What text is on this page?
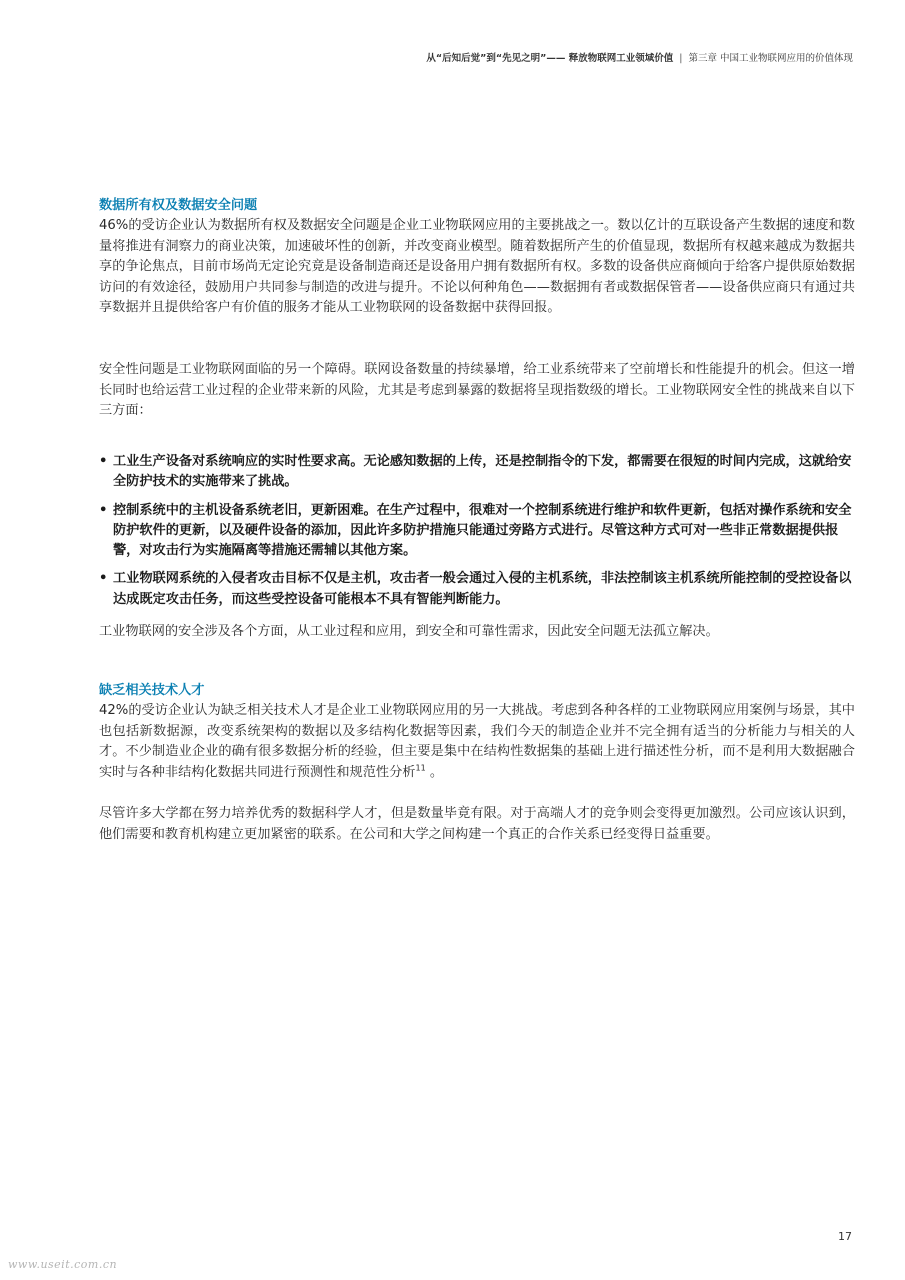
从“后知后觉”到“先见之明”—— 释放物联网工业领域价值 | 第三章 中国工业物联网应用的价值体现
数据所有权及数据安全问题

46%的受访企业认为数据所有权及数据安全问题是企业工业物联网应用的主要挑战之一。数以亿计的互联设备产生数据的速度和数量将推进有洞察力的商业决策，加速破坏性的创新，并改变商业模型。随着数据所产生的价值显现，数据所有权越来越成为数据共享的争论焦点，目前市场尚无定论究竟是设备制造商还是设备用户拥有数据所有权。多数的设备供应商倾向于给客户提供原始数据访问的有效途径，鼓励用户共同参与制造的改进与提升。不论以何种角色——数据拥有者或数据保管者——设备供应商只有通过共享数据并且提供给客户有价值的服务才能从工业物联网的设备数据中获得回报。

安全性问题是工业物联网面临的另一个障碍。联网设备数量的持续暴增，给工业系统带来了空前增长和性能提升的机会。但这一增长同时也给运营工业过程的企业带来新的风险，尤其是考虑到暴露的数据将呈现指数级的增长。工业物联网安全性的挑战来自以下三方面：

• 工业生产设备对系统响应的实时性要求高。无论感知数据的上传，还是控制指令的下发，都需要在很短的时间内完成，这就给安全防护技术的实施带来了挑战。
• 控制系统中的主机设备系统老旧，更新困难。在生产过程中，很难对一个控制系统进行维护和软件更新，包括对操作系统和安全防护软件的更新，以及硬件设备的添加，因此许多防护措施只能通过旁路方式进行。尽管这种方式可对一些非正常数据提供报警，对攻击行为实施隔离等措施还需辅以其他方案。
• 工业物联网系统的入侵者攻击目标不仅是主机，攻击者一般会通过入侵的主机系统，非法控制该主机系统所能控制的受控设备以达成既定攻击任务，而这些受控设备可能根本不具有智能判断能力。

工业物联网的安全涉及各个方面，从工业过程和应用，到安全和可靠性需求，因此安全问题无法孤立解决。

缺乏相关技术人才

42%的受访企业认为缺乏相关技术人才是企业工业物联网应用的另一大挑战。考虑到各种各样的工业物联网应用案例与场景，其中也包括新数据源，改变系统架构的数据以及多结构化数据等因素，我们今天的制造企业并不完全拥有适当的分析能力与相关的人才。不少制造业企业的确有很多数据分析的经验，但主要是集中在结构性数据集的基础上进行描述性分析，而不是利用大数据融合实时与各种非结构化数据共同进行预测性和规范性分析$^{11}$ 。

尽管许多大学都在努力培养优秀的数据科学人才，但是数量毕竟有限。对于高端人才的竞争则会变得更加激烈。公司应该认识到，他们需要和教育机构建立更加紧密的联系。在公司和大学之间构建一个真正的合作关系已经变得日益重要。

17
www.useit.com.cn
